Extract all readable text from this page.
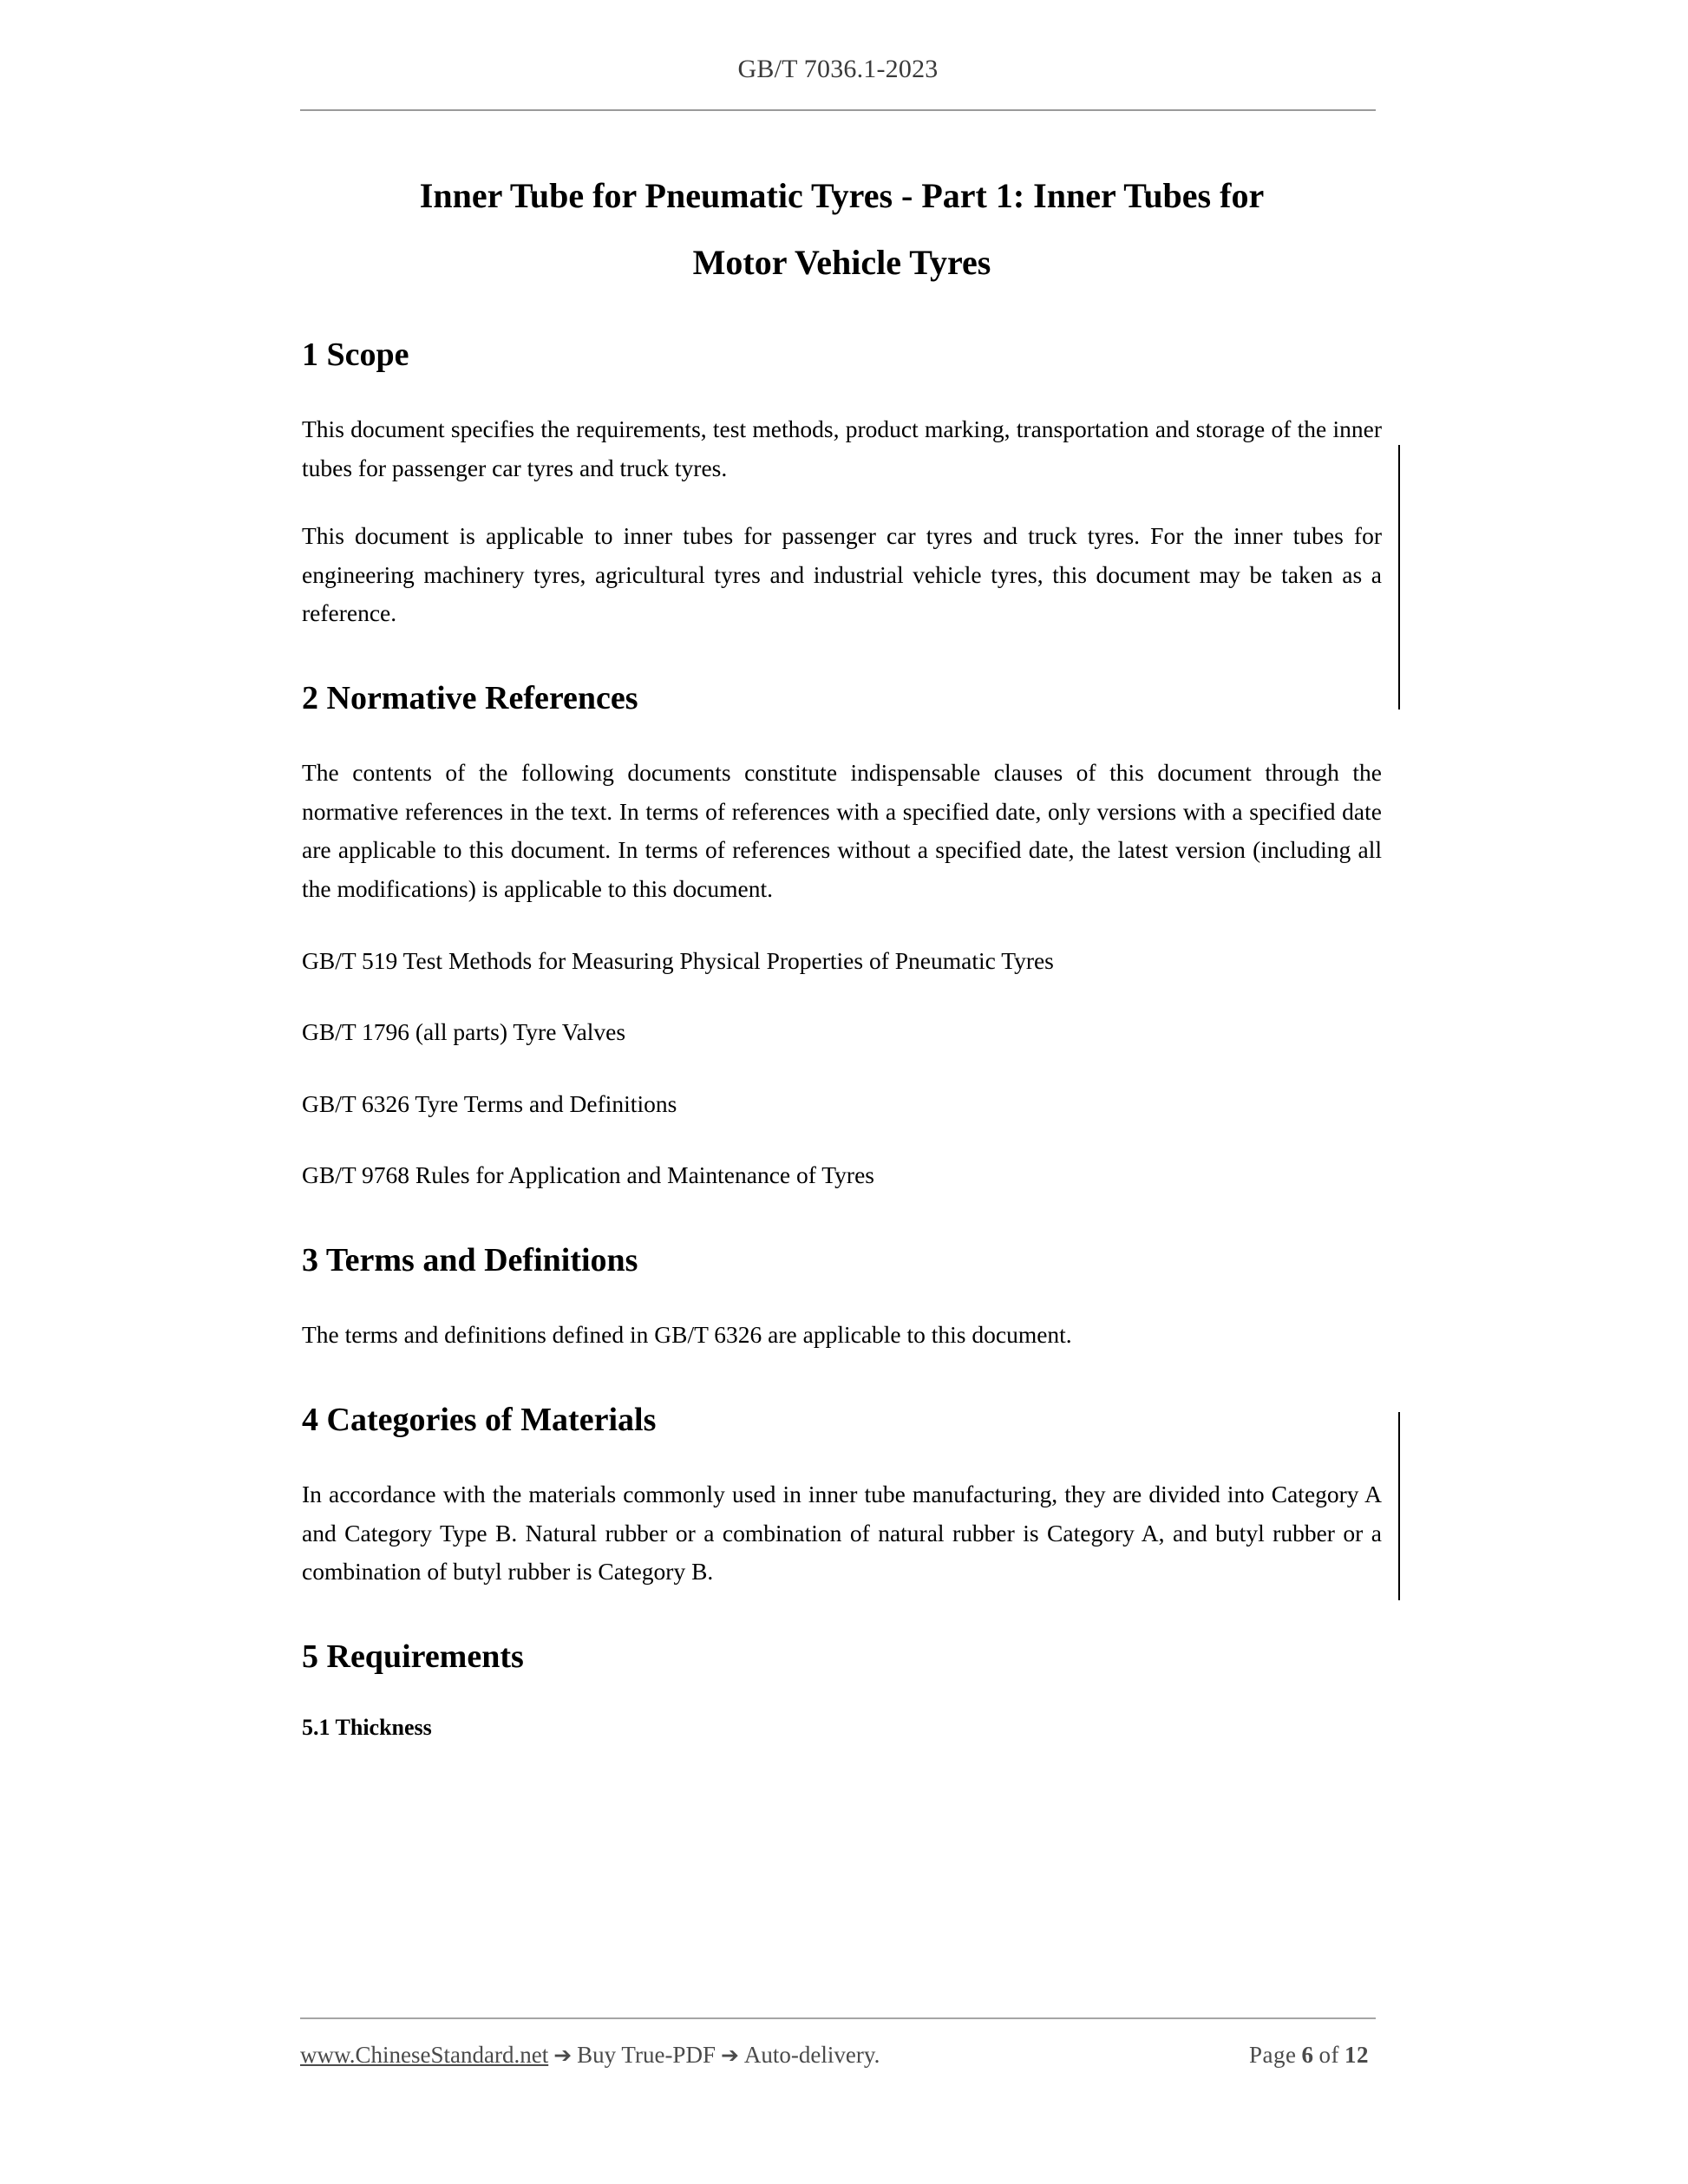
GB/T 7036.1-2023
Inner Tube for Pneumatic Tyres - Part 1: Inner Tubes for
Motor Vehicle Tyres
1 Scope

This document specifies the requirements, test methods, product marking, transportation and storage of the inner tubes for passenger car tyres and truck tyres.

This document is applicable to inner tubes for passenger car tyres and truck tyres. For the inner tubes for engineering machinery tyres, agricultural tyres and industrial vehicle tyres, this document may be taken as a reference.

2 Normative References

The contents of the following documents constitute indispensable clauses of this document through the normative references in the text. In terms of references with a specified date, only versions with a specified date are applicable to this document. In terms of references without a specified date, the latest version (including all the modifications) is applicable to this document.

GB/T 519 Test Methods for Measuring Physical Properties of Pneumatic Tyres

GB/T 1796 (all parts) Tyre Valves

GB/T 6326 Tyre Terms and Definitions

GB/T 9768 Rules for Application and Maintenance of Tyres

3 Terms and Definitions

The terms and definitions defined in GB/T 6326 are applicable to this document.

4 Categories of Materials

In accordance with the materials commonly used in inner tube manufacturing, they are divided into Category A and Category Type B. Natural rubber or a combination of natural rubber is Category A, and butyl rubber or a combination of butyl rubber is Category B.

5 Requirements
5.1 Thickness
www.ChineseStandard.net ➔ Buy True-PDF ➔ Auto-delivery.	Page 6 of 12
